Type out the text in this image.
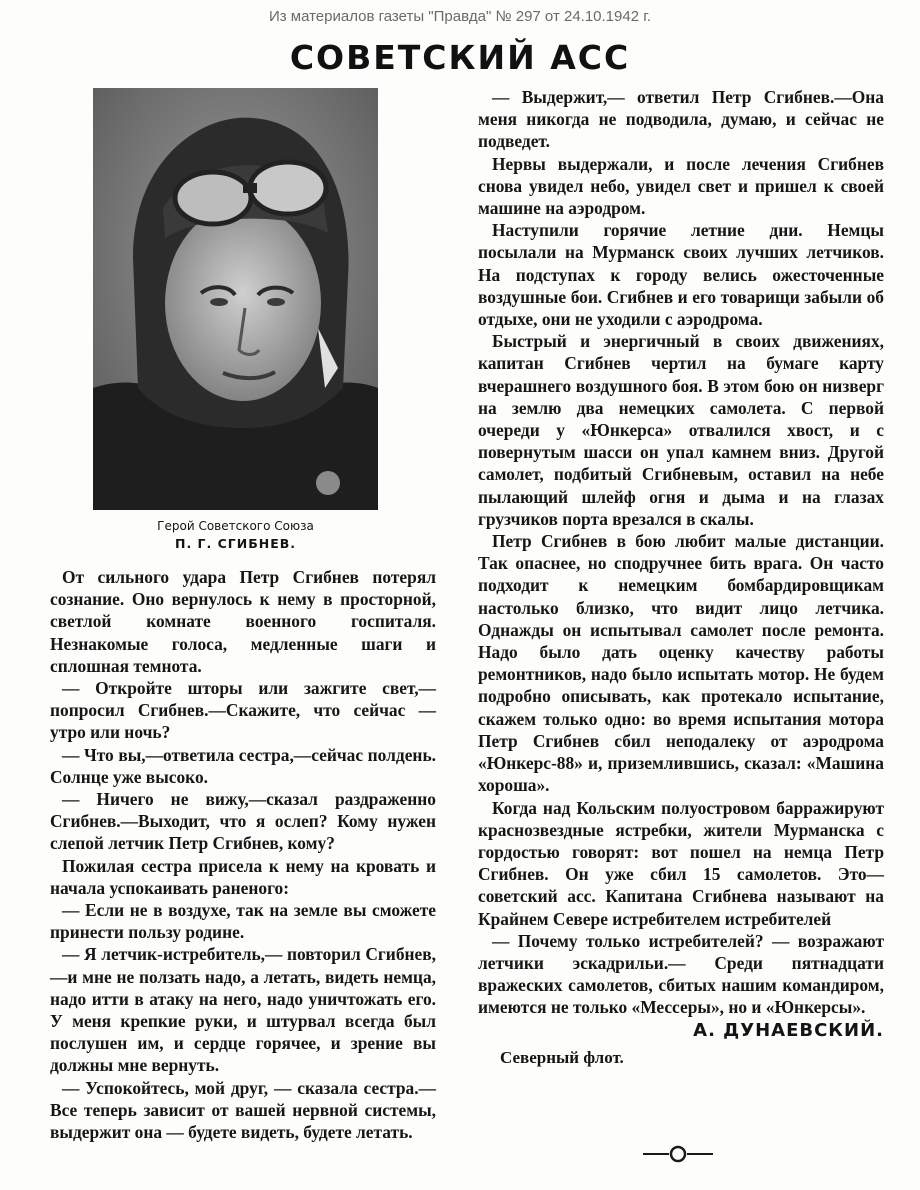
Из материалов газеты "Правда" № 297 от 24.10.1942 г.
СОВЕТСКИЙ АСС
Герой Советского Союза
П. Г. СГИБНЕВ.

От сильного удара Петр Сгибнев потерял сознание. Оно вернулось к нему в просторной, светлой комнате военного госпиталя. Незнакомые голоса, медленные шаги и сплошная темнота.

— Откройте шторы или зажгите свет,— попросил Сгибнев.—Скажите, что сейчас — утро или ночь?

— Что вы,—ответила сестра,—сейчас полдень. Солнце уже высоко.

— Ничего не вижу,—сказал раздраженно Сгибнев.—Выходит, что я ослеп? Кому нужен слепой летчик Петр Сгибнев, кому?

Пожилая сестра присела к нему на кровать и начала успокаивать раненого:

— Если не в воздухе, так на земле вы сможете принести пользу родине.

— Я летчик-истребитель,— повторил Сгибнев,—и мне не ползать надо, а летать, видеть немца, надо итти в атаку на него, надо уничтожать его. У меня крепкие руки, и штурвал всегда был послушен им, и сердце горячее, и зрение вы должны мне вернуть.

— Успокойтесь, мой друг, — сказала сестра.— Все теперь зависит от вашей нервной системы, выдержит она — будете видеть, будете летать.

— Выдержит,— ответил Петр Сгибнев.—Она меня никогда не подводила, думаю, и сейчас не подведет.

Нервы выдержали, и после лечения Сгибнев снова увидел небо, увидел свет и пришел к своей машине на аэродром.

Наступили горячие летние дни. Немцы посылали на Мурманск своих лучших летчиков. На подступах к городу велись ожесточенные воздушные бои. Сгибнев и его товарищи забыли об отдыхе, они не уходили с аэродрома.

Быстрый и энергичный в своих движениях, капитан Сгибнев чертил на бумаге карту вчерашнего воздушного боя. В этом бою он низверг на землю два немецких самолета. С первой очереди у «Юнкерса» отвалился хвост, и с повернутым шасси он упал камнем вниз. Другой самолет, подбитый Сгибневым, оставил на небе пылающий шлейф огня и дыма и на глазах грузчиков порта врезался в скалы.

Петр Сгибнев в бою любит малые дистанции. Так опаснее, но сподручнее бить врага. Он часто подходит к немецким бомбардировщикам настолько близко, что видит лицо летчика. Однажды он испытывал самолет после ремонта. Надо было дать оценку качеству работы ремонтников, надо было испытать мотор. Не будем подробно описывать, как протекало испытание, скажем только одно: во время испытания мотора Петр Сгибнев сбил неподалеку от аэродрома «Юнкерс-88» и, приземлившись, сказал: «Машина хороша».

Когда над Кольским полуостровом барражируют краснозвездные ястребки, жители Мурманска с гордостью говорят: вот пошел на немца Петр Сгибнев. Он уже сбил 15 самолетов. Это—советский асс. Капитана Сгибнева называют на Крайнем Севере истребителем истребителей

— Почему только истребителей? — возражают летчики эскадрильи.— Среди пятнадцати вражеских самолетов, сбитых нашим командиром, имеются не только «Мессеры», но и «Юнкерсы».

А. ДУНАЕВСКИЙ.
Северный флот.
